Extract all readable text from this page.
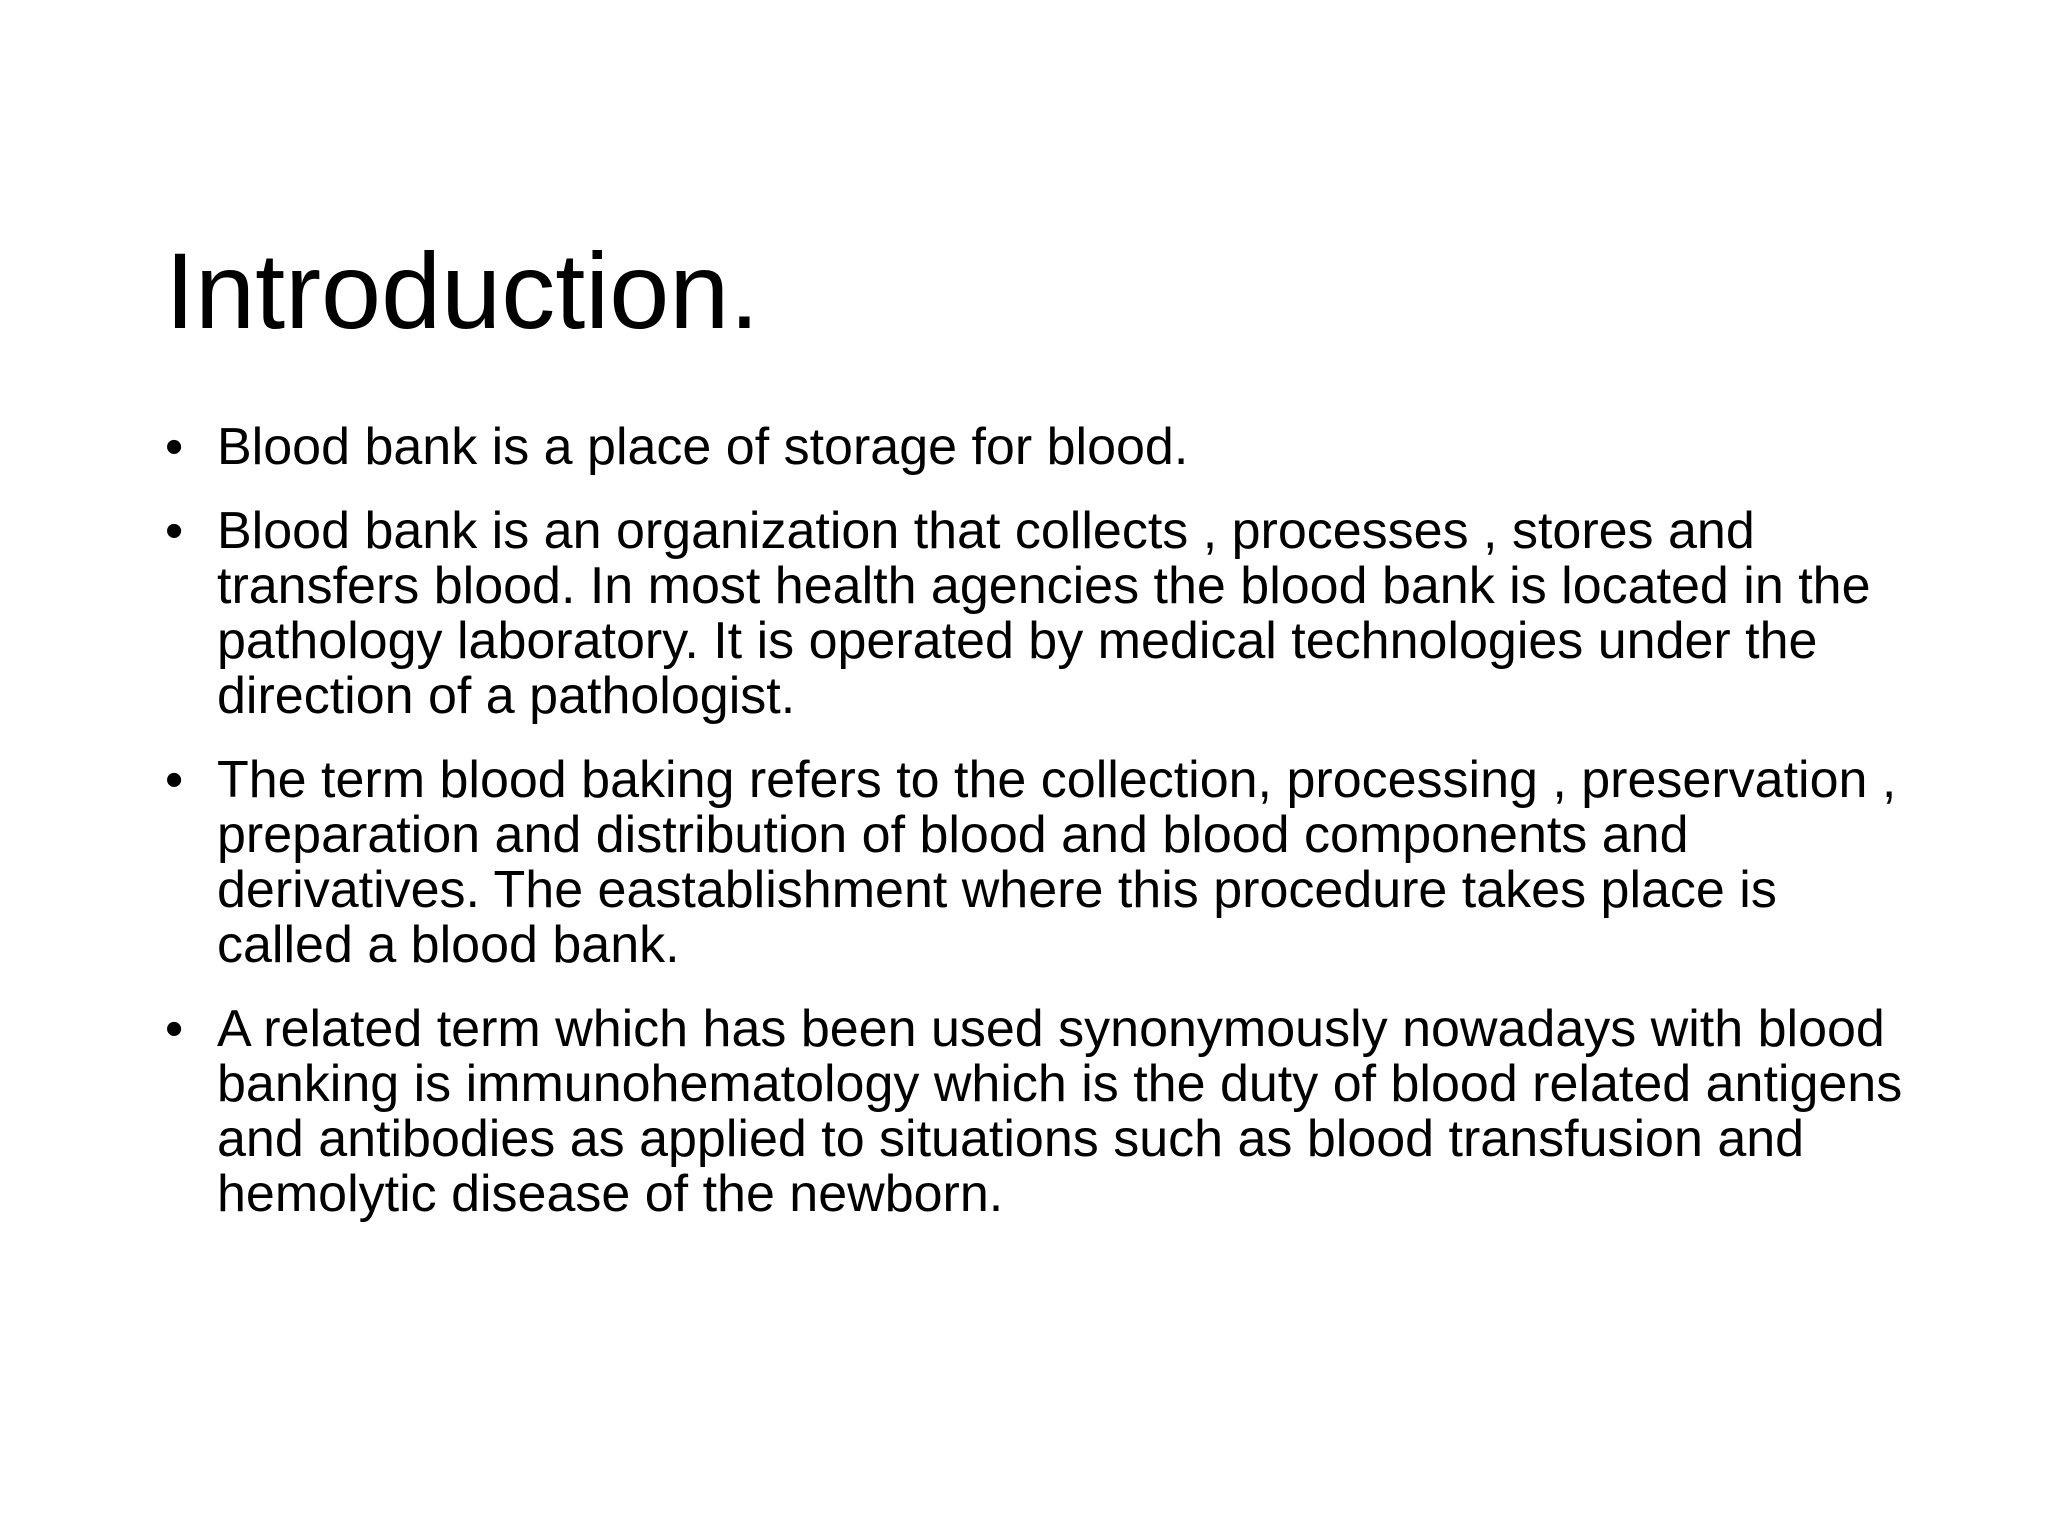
Introduction.
• Blood bank is a place of storage for blood.
• Blood bank is an organization that collects , processes , stores and transfers blood. In most health agencies the blood bank is located in the pathology laboratory. It is operated by medical technologies under the direction of a pathologist.
• The term blood baking refers to the collection, processing , preservation , preparation and distribution of blood and blood components and derivatives. The eastablishment where this procedure takes place is called a blood bank.
• A related term which has been used synonymously nowadays with blood banking is immunohematology which is the duty of blood related antigens and antibodies as applied to situations such as blood transfusion and hemolytic disease of the newborn.
